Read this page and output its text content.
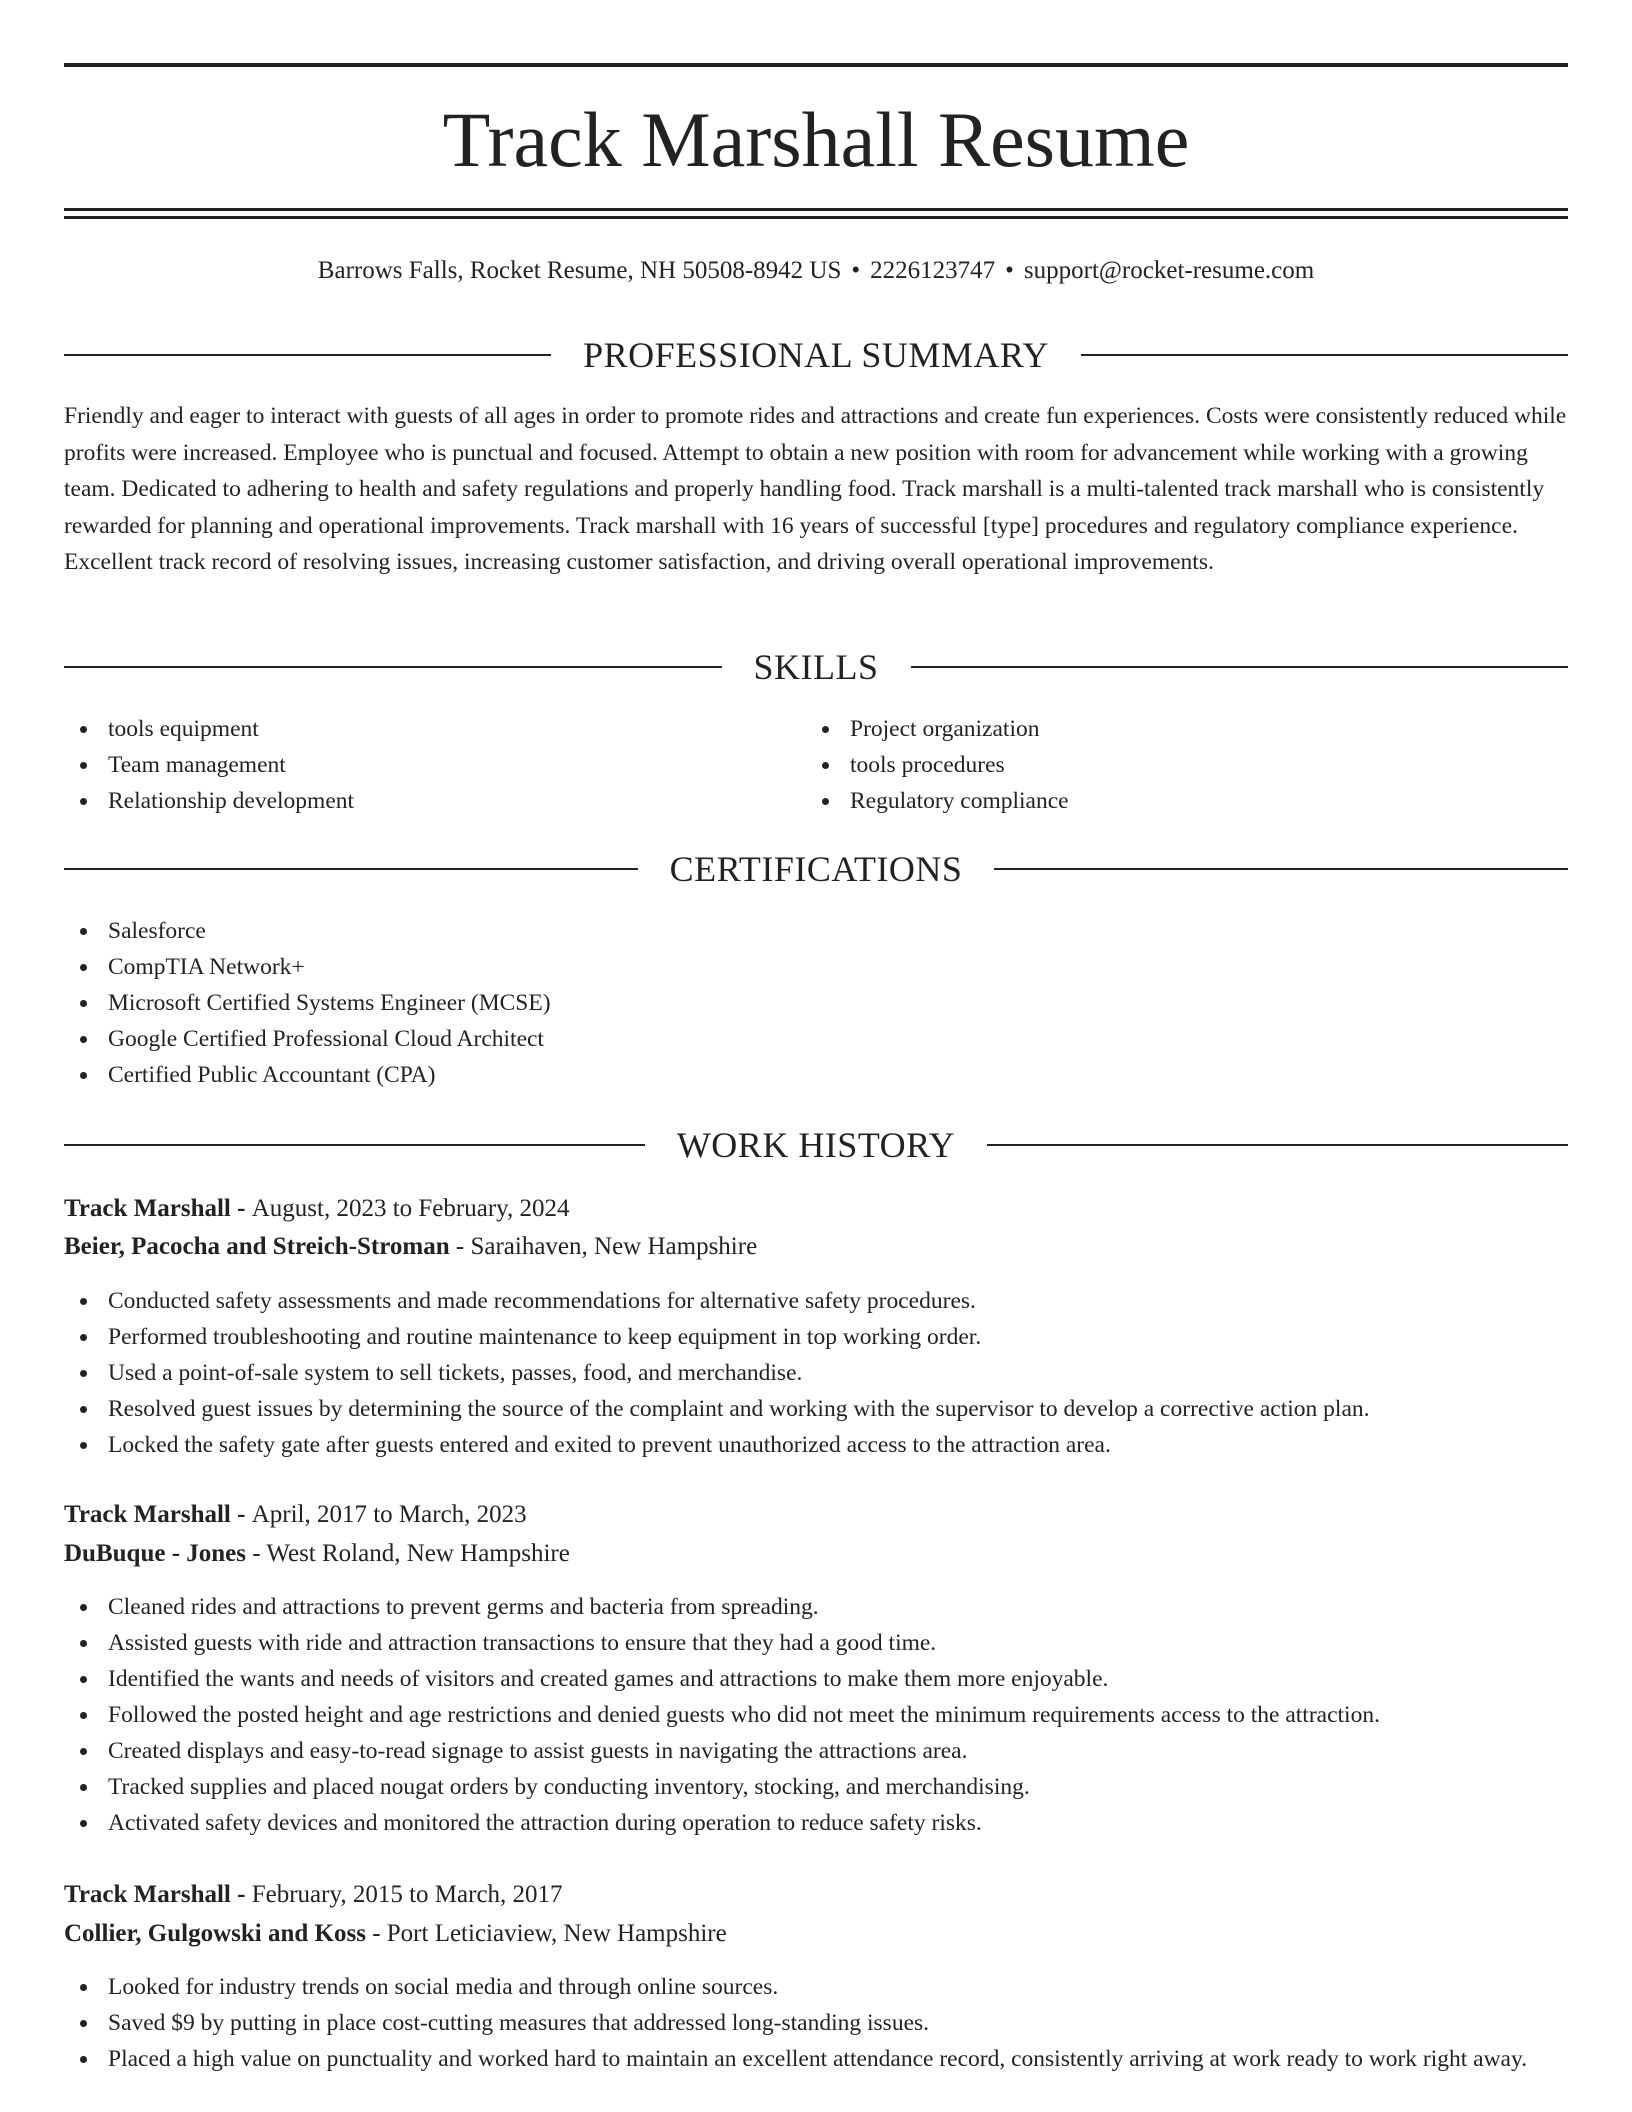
Track Marshall Resume
Barrows Falls, Rocket Resume, NH 50508-8942 US • 2226123747 • support@rocket-resume.com
PROFESSIONAL SUMMARY

Friendly and eager to interact with guests of all ages in order to promote rides and attractions and create fun experiences. Costs were consistently reduced while profits were increased. Employee who is punctual and focused. Attempt to obtain a new position with room for advancement while working with a growing team. Dedicated to adhering to health and safety regulations and properly handling food. Track marshall is a multi-talented track marshall who is consistently rewarded for planning and operational improvements. Track marshall with 16 years of successful [type] procedures and regulatory compliance experience. Excellent track record of resolving issues, increasing customer satisfaction, and driving overall operational improvements.

SKILLS
tools equipment
Team management
Relationship development
Project organization
tools procedures
Regulatory compliance
CERTIFICATIONS
Salesforce
CompTIA Network+
Microsoft Certified Systems Engineer (MCSE)
Google Certified Professional Cloud Architect
Certified Public Accountant (CPA)
WORK HISTORY
Track Marshall - August, 2023 to February, 2024
Beier, Pacocha and Streich-Stroman - Saraihaven, New Hampshire
Conducted safety assessments and made recommendations for alternative safety procedures.
Performed troubleshooting and routine maintenance to keep equipment in top working order.
Used a point-of-sale system to sell tickets, passes, food, and merchandise.
Resolved guest issues by determining the source of the complaint and working with the supervisor to develop a corrective action plan.
Locked the safety gate after guests entered and exited to prevent unauthorized access to the attraction area.
Track Marshall - April, 2017 to March, 2023
DuBuque - Jones - West Roland, New Hampshire
Cleaned rides and attractions to prevent germs and bacteria from spreading.
Assisted guests with ride and attraction transactions to ensure that they had a good time.
Identified the wants and needs of visitors and created games and attractions to make them more enjoyable.
Followed the posted height and age restrictions and denied guests who did not meet the minimum requirements access to the attraction.
Created displays and easy-to-read signage to assist guests in navigating the attractions area.
Tracked supplies and placed nougat orders by conducting inventory, stocking, and merchandising.
Activated safety devices and monitored the attraction during operation to reduce safety risks.
Track Marshall - February, 2015 to March, 2017
Collier, Gulgowski and Koss - Port Leticiaview, New Hampshire
Looked for industry trends on social media and through online sources.
Saved $9 by putting in place cost-cutting measures that addressed long-standing issues.
Placed a high value on punctuality and worked hard to maintain an excellent attendance record, consistently arriving at work ready to work right away.
